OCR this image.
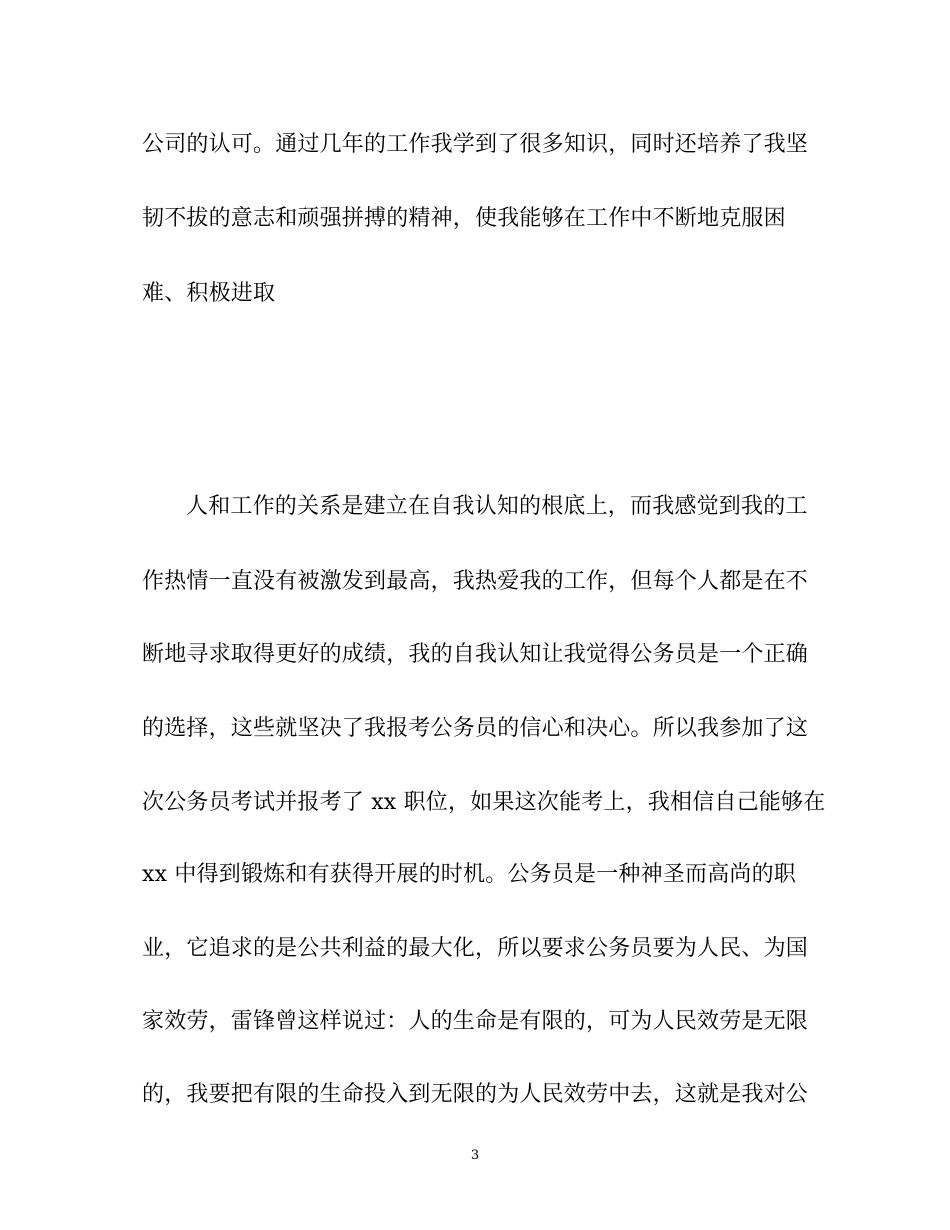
公司的认可。通过几年的工作我学到了很多知识，同时还培养了我坚
韧不拔的意志和顽强拼搏的精神，使我能够在工作中不断地克服困
难、积极进取
人和工作的关系是建立在自我认知的根底上，而我感觉到我的工
作热情一直没有被激发到最高，我热爱我的工作，但每个人都是在不
断地寻求取得更好的成绩，我的自我认知让我觉得公务员是一个正确
的选择，这些就坚决了我报考公务员的信心和决心。所以我参加了这
次公务员考试并报考了 xx 职位，如果这次能考上，我相信自己能够在
xx 中得到锻炼和有获得开展的时机。公务员是一种神圣而高尚的职
业，它追求的是公共利益的最大化，所以要求公务员要为人民、为国
家效劳，雷锋曾这样说过：人的生命是有限的，可为人民效劳是无限
的，我要把有限的生命投入到无限的为人民效劳中去，这就是我对公
3
